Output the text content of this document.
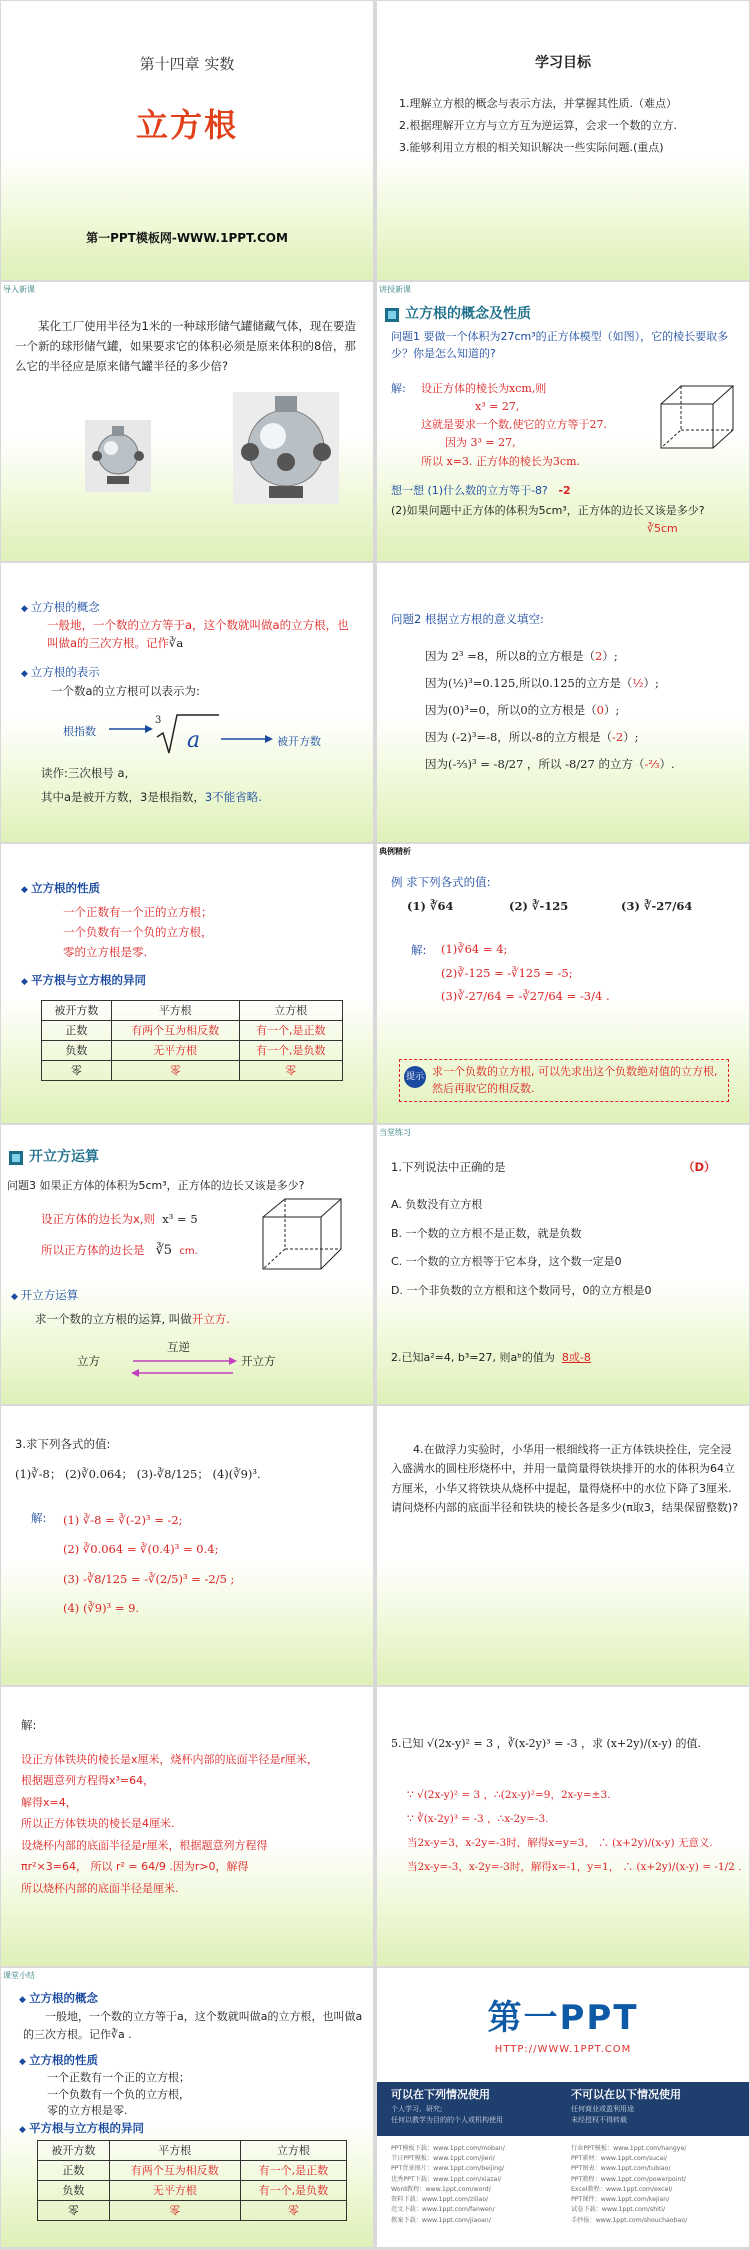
第十四章 实数
立方根
第一PPT模板网-WWW.1PPT.COM
学习目标
1.理解立方根的概念与表示方法，并掌握其性质.（难点）
2.根据理解开立方与立方互为逆运算，会求一个数的立方.
3.能够利用立方根的相关知识解决一些实际问题.(重点)
导入新课
某化工厂使用半径为1米的一种球形储气罐储藏气体，现在要造一个新的球形储气罐，如果要求它的体积必须是原来体积的8倍，那么它的半径应是原来储气罐半径的多少倍?
讲授新课
立方根的概念及性质
问题1 要做一个体积为27cm³的正方体模型（如图），它的棱长要取多少？你是怎么知道的?
解: 设正方体的棱长为xcm,则
x³ = 27,
这就是要求一个数,使它的立方等于27.
因为 3³ = 27,
所以 x=3. 正方体的棱长为3cm.
想一想 (1)什么数的立方等于-8? -2
(2)如果问题中正方体的体积为5cm³，正方体的边长又该是多少?
∛5cm
◆ 立方根的概念
一般地，一个数的立方等于a，这个数就叫做a的立方根，也叫做a的三次方根。记作∛a
◆ 立方根的表示
一个数a的立方根可以表示为:
根指数
3
a	被开方数
读作:三次根号 a,
其中a是被开方数，3是根指数，3不能省略.
问题2 根据立方根的意义填空:
因为 2³ =8，所以8的立方根是（2）;
因为(½)³=0.125,所以0.125的立方是（½）;
因为(0)³=0，所以0的立方根是（0）;
因为 (-2)³=-8，所以-8的立方根是（-2）;
因为(-⅔)³ = -8/27 ，所以 -8/27 的立方（-⅔）.
◆ 立方根的性质
一个正数有一个正的立方根；
一个负数有一个负的立方根，
零的立方根是零.
◆ 平方根与立方根的异同
被开方数	平方根	立方根
正数	有两个互为相反数	有一个,是正数
负数	无平方根	有一个,是负数
零	零	零
典例精析
例 求下列各式的值:
(1) ∛64	(2) ∛-125	(3) ∛-27/64
解: (1)∛64 = 4;
(2)∛-125 = -∛125 = -5;
(3)∛-27/64 = -∛27/64 = -3/4 .
提示 求一个负数的立方根, 可以先求出这个负数绝对值的立方根, 然后再取它的相反数.
开立方运算
问题3 如果正方体的体积为5cm³，正方体的边长又该是多少?
设正方体的边长为x,则 x³ = 5
所以正方体的边长是 ∛5 cm.
◆ 开立方运算
求一个数的立方根的运算, 叫做开立方.
立方
互逆
开立方
当堂练习
1.下列说法中正确的是	（D）
A. 负数没有立方根
B. 一个数的立方根不是正数，就是负数
C. 一个数的立方根等于它本身，这个数一定是0
D. 一个非负数的立方根和这个数同号，0的立方根是0
2.已知a²=4, b³=27, 则aᵇ的值为 8或-8
3.求下列各式的值:
(1)∛-8； (2)∛0.064； (3)-∛8/125； (4)(∛9)³.
解: (1) ∛-8 = ∛(-2)³ = -2;
(2) ∛0.064 = ∛(0.4)³ = 0.4;
(3) -∛8/125 = -∛(2/5)³ = -2/5 ;
(4) (∛9)³ = 9.
4.在做浮力实验时，小华用一根细线将一正方体铁块拴住，完全浸入盛满水的圆柱形烧杯中，并用一量筒量得铁块排开的水的体积为64立方厘米，小华又将铁块从烧杯中提起，量得烧杯中的水位下降了3厘米.请问烧杯内部的底面半径和铁块的棱长各是多少(π取3，结果保留整数)?
解:
设正方体铁块的棱长是x厘米，烧杯内部的底面半径是r厘米，
根据题意列方程得x³=64，
解得x=4，
所以正方体铁块的棱长是4厘米.
设烧杯内部的底面半径是r厘米，根据题意列方程得
πr²×3=64， 所以 r² = 64/9 .因为r>0，解得
所以烧杯内部的底面半径是厘米.
5.已知 √(2x-y)² = 3 ，∛(x-2y)³ = -3 ，求 (x+2y)/(x-y) 的值.
∵ √(2x-y)² = 3 ，∴(2x-y)²=9，2x-y=±3.
∵ ∛(x-2y)³ = -3 ，∴x-2y=-3.
当2x-y=3，x-2y=-3时，解得x=y=3， ∴ (x+2y)/(x-y) 无意义.
当2x-y=-3，x-2y=-3时，解得x=-1，y=1， ∴ (x+2y)/(x-y) = -1/2 .
课堂小结
◆ 立方根的概念
一般地，一个数的立方等于a，这个数就叫做a的立方根，也叫做a的三次方根。记作∛a .
◆ 立方根的性质
一个正数有一个正的立方根；
一个负数有一个负的立方根，
零的立方根是零.
◆ 平方根与立方根的异同
被开方数	平方根	立方根
正数	有两个互为相反数	有一个,是正数
负数	无平方根	有一个,是负数
零	零	零
第一PPT
HTTP://WWW.1PPT.COM
可以在下列情况使用
个人学习、研究;
任何以教学为目的的个人或机构使用
不可以在以下情况使用
任何商业或盈利用途
未经授权不得转载
PPT模板下载：www.1ppt.com/moban/
节日PPT模板：www.1ppt.com/jieri/
PPT背景图片：www.1ppt.com/beijing/
优秀PPT下载：www.1ppt.com/xiazai/
Word教程：www.1ppt.com/word/
资料下载：www.1ppt.com/ziliao/
范文下载：www.1ppt.com/fanwen/
教案下载：www.1ppt.com/jiaoan/
行业PPT模板：www.1ppt.com/hangye/
PPT素材：www.1ppt.com/sucai/
PPT图表：www.1ppt.com/tubiao/
PPT教程：www.1ppt.com/powerpoint/
Excel教程：www.1ppt.com/excel/
PPT课件：www.1ppt.com/kejian/
试卷下载：www.1ppt.com/shiti/
手抄报：www.1ppt.com/shouchaobao/
